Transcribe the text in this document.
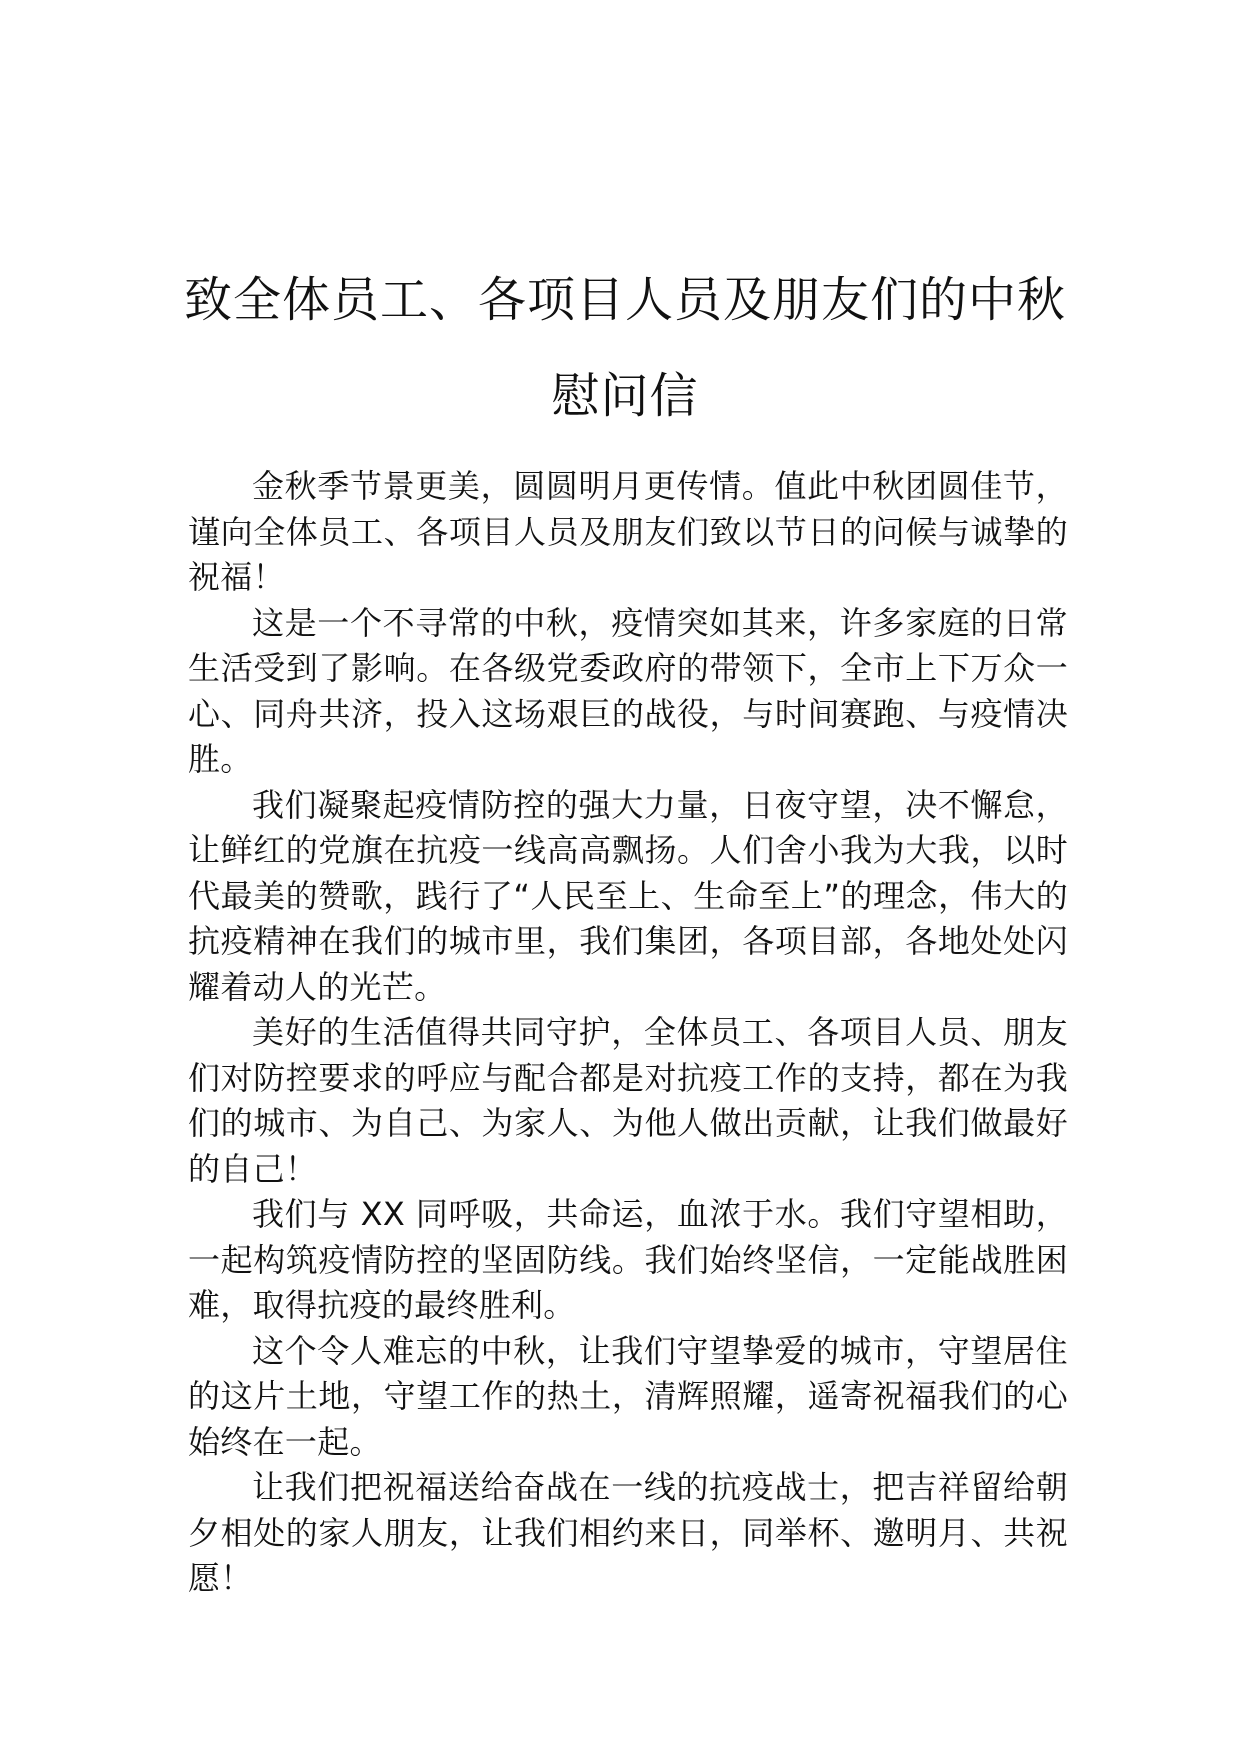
致全体员工、各项目人员及朋友们的中秋
慰问信

金秋季节景更美，圆圆明月更传情。值此中秋团圆佳节，谨向全体员工、各项目人员及朋友们致以节日的问候与诚挚的祝福！

这是一个不寻常的中秋，疫情突如其来，许多家庭的日常生活受到了影响。在各级党委政府的带领下，全市上下万众一心、同舟共济，投入这场艰巨的战役，与时间赛跑、与疫情决胜。

我们凝聚起疫情防控的强大力量，日夜守望，决不懈怠，让鲜红的党旗在抗疫一线高高飘扬。人们舍小我为大我，以时代最美的赞歌，践行了“人民至上、生命至上”的理念，伟大的抗疫精神在我们的城市里，我们集团，各项目部，各地处处闪耀着动人的光芒。

美好的生活值得共同守护，全体员工、各项目人员、朋友们对防控要求的呼应与配合都是对抗疫工作的支持，都在为我们的城市、为自己、为家人、为他人做出贡献，让我们做最好的自己！

我们与 XX 同呼吸，共命运，血浓于水。我们守望相助，一起构筑疫情防控的坚固防线。我们始终坚信，一定能战胜困难，取得抗疫的最终胜利。

这个令人难忘的中秋，让我们守望挚爱的城市，守望居住的这片土地，守望工作的热土，清辉照耀，遥寄祝福我们的心始终在一起。

让我们把祝福送给奋战在一线的抗疫战士，把吉祥留给朝夕相处的家人朋友，让我们相约来日，同举杯、邀明月、共祝愿！
